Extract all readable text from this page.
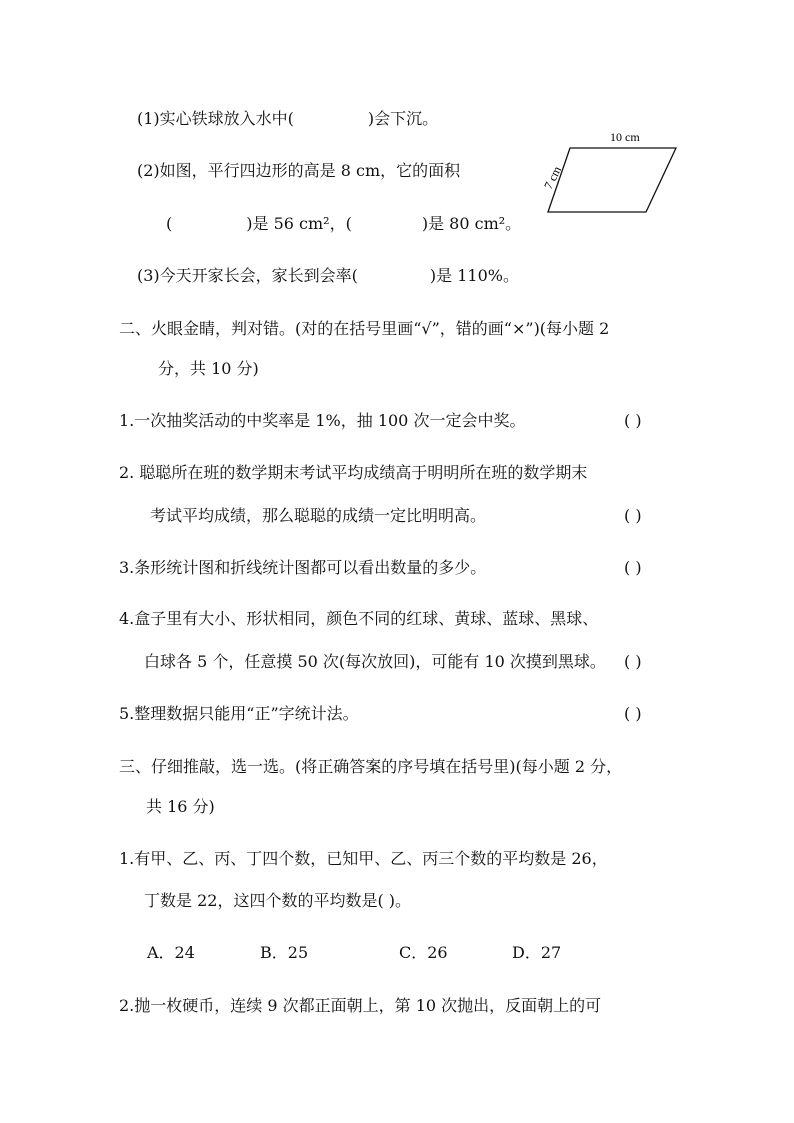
(1)实心铁球放入水中(	)会下沉。
(2)如图，平行四边形的高是 8 cm，它的面积
(	)是 56 cm²，(	)是 80 cm²。
(3)今天开家长会，家长到会率(	)是 110%。
10 cm
7 cm
二、火眼金睛，判对错。(对的在括号里画“√”，错的画“×”)(每小题 2
分，共 10 分)
1.一次抽奖活动的中奖率是 1%，抽 100 次一定会中奖。	( )
2. 聪聪所在班的数学期末考试平均成绩高于明明所在班的数学期末
考试平均成绩，那么聪聪的成绩一定比明明高。	( )
3.条形统计图和折线统计图都可以看出数量的多少。	( )
4.盒子里有大小、形状相同，颜色不同的红球、黄球、蓝球、黑球、
白球各 5 个，任意摸 50 次(每次放回)，可能有 10 次摸到黑球。 ( )
5.整理数据只能用“正”字统计法。	( )
三、仔细推敲，选一选。(将正确答案的序号填在括号里)(每小题 2 分，
共 16 分)
1.有甲、乙、丙、丁四个数，已知甲、乙、丙三个数的平均数是 26，
丁数是 22，这四个数的平均数是( )。
A．24	B．25	C．26	D．27
2.抛一枚硬币，连续 9 次都正面朝上，第 10 次抛出，反面朝上的可
